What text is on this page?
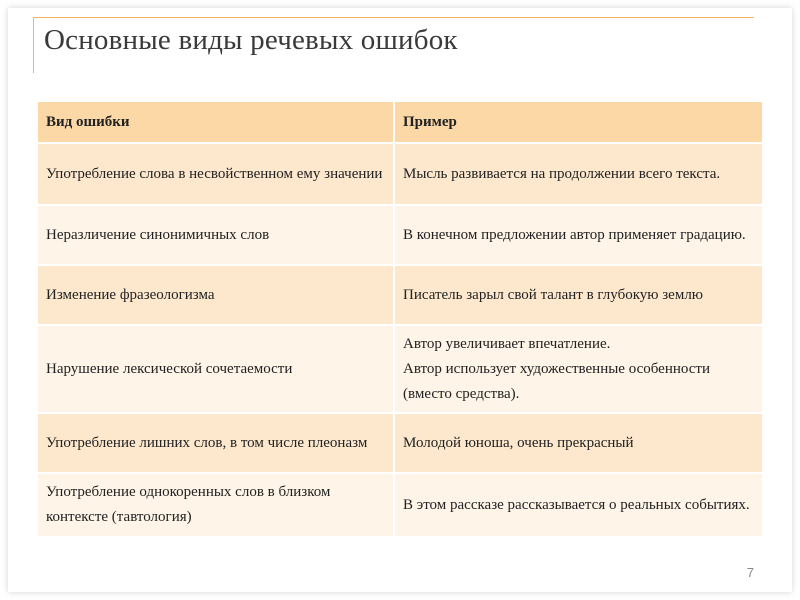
Основные виды речевых ошибок
Вид ошибки	Пример
Употребление слова в несвойственном ему значении	Мысль развивается на продолжении всего текста.

Неразличение синонимичных слов	В конечном предложении автор применяет градацию.

Изменение фразеологизма	Писатель зарыл свой талант в глубокую землю

Нарушение лексической сочетаемости	Автор увеличивает впечатление.
Автор использует художественные особенности (вместо средства).

Употребление лишних слов, в том числе плеоназм	Молодой юноша, очень прекрасный

Употребление однокоренных слов в близком контексте (тавтология)	В этом рассказе рассказывается о реальных событиях.
7
